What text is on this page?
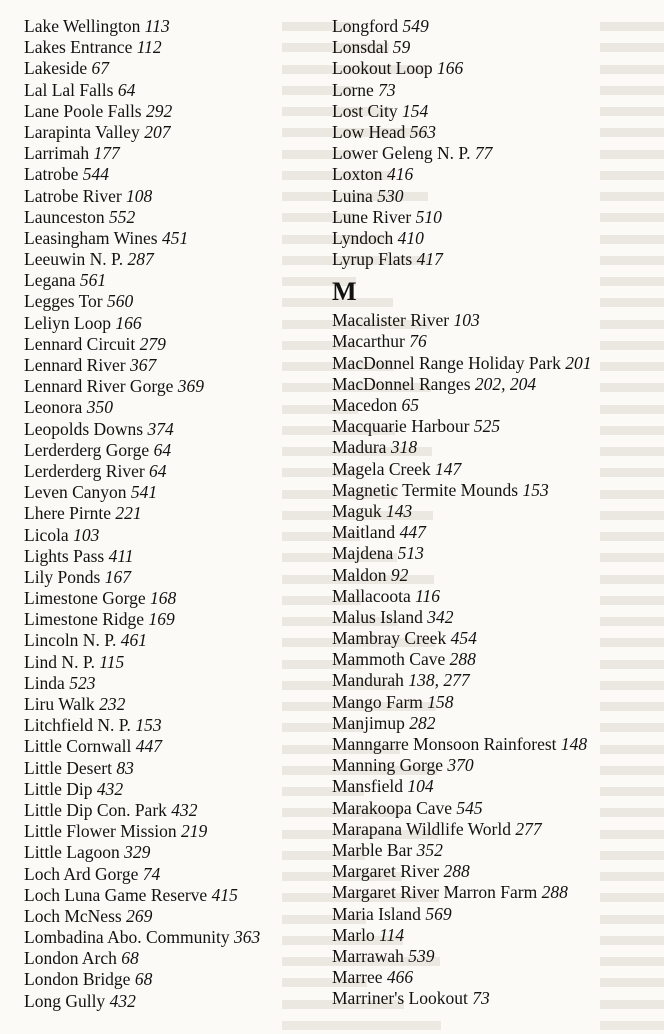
Lake Wellington 113
Lakes Entrance 112
Lakeside 67
Lal Lal Falls 64
Lane Poole Falls 292
Larapinta Valley 207
Larrimah 177
Latrobe 544
Latrobe River 108
Launceston 552
Leasingham Wines 451
Leeuwin N. P. 287
Legana 561
Legges Tor 560
Leliyn Loop 166
Lennard Circuit 279
Lennard River 367
Lennard River Gorge 369
Leonora 350
Leopolds Downs 374
Lerderderg Gorge 64
Lerderderg River 64
Leven Canyon 541
Lhere Pirnte 221
Licola 103
Lights Pass 411
Lily Ponds 167
Limestone Gorge 168
Limestone Ridge 169
Lincoln N. P. 461
Lind N. P. 115
Linda 523
Liru Walk 232
Litchfield N. P. 153
Little Cornwall 447
Little Desert 83
Little Dip 432
Little Dip Con. Park 432
Little Flower Mission 219
Little Lagoon 329
Loch Ard Gorge 74
Loch Luna Game Reserve 415
Loch McNess 269
Lombadina Abo. Community 363
London Arch 68
London Bridge 68
Long Gully 432
Longford 549
Lonsdal 59
Lookout Loop 166
Lorne 73
Lost City 154
Low Head 563
Lower Geleng N. P. 77
Loxton 416
Luina 530
Lune River 510
Lyndoch 410
Lyrup Flats 417
M
Macalister River 103
Macarthur 76
MacDonnel Range Holiday Park 201
MacDonnel Ranges 202, 204
Macedon 65
Macquarie Harbour 525
Madura 318
Magela Creek 147
Magnetic Termite Mounds 153
Maguk 143
Maitland 447
Majdena 513
Maldon 92
Mallacoota 116
Malus Island 342
Mambray Creek 454
Mammoth Cave 288
Mandurah 138, 277
Mango Farm 158
Manjimup 282
Manngarre Monsoon Rainforest 148
Manning Gorge 370
Mansfield 104
Marakoopa Cave 545
Marapana Wildlife World 277
Marble Bar 352
Margaret River 288
Margaret River Marron Farm 288
Maria Island 569
Marlo 114
Marrawah 539
Marree 466
Marriner's Lookout 73
